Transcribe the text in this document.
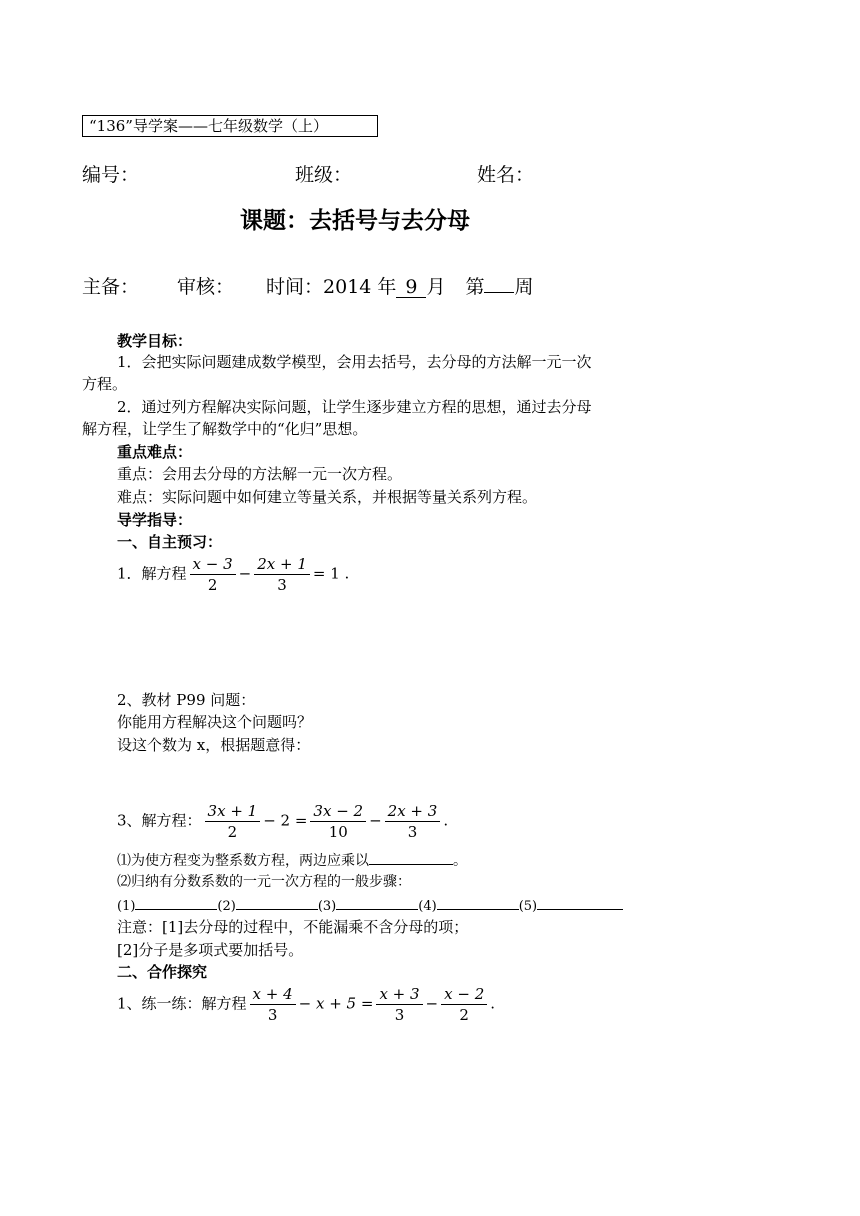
“136”导学案——七年级数学（上）
编号：	班级：	姓名：
课题：去括号与去分母
主备： 审核： 时间：2014 年 9 月 第 周
教学目标：
1．会把实际问题建成数学模型，会用去括号，去分母的方法解一元一次
方程。
2．通过列方程解决实际问题，让学生逐步建立方程的思想，通过去分母
解方程，让学生了解数学中的“化归”思想。
重点难点：
重点：会用去分母的方法解一元一次方程。
难点：实际问题中如何建立等量关系，并根据等量关系列方程。
导学指导：
一、自主预习：
1．解方程 $\frac{x - 3}{2} - \frac{2x + 1}{3} = 1$ .
2、教材 P99 问题：
你能用方程解决这个问题吗？
设这个数为 x，根据题意得：
3、解方程： $\frac{3x + 1}{2} - 2 = \frac{3x - 2}{10} - \frac{2x + 3}{3}$ .
⑴为使方程变为整系数方程，两边应乘以	。
⑵归纳有分数系数的一元一次方程的一般步骤：
(1)	(2)	(3)	(4)	(5)
注意：[1]去分母的过程中，不能漏乘不含分母的项；
[2]分子是多项式要加括号。
二、合作探究
1、练一练：解方程 $\frac{x + 4}{3} - x + 5 = \frac{x + 3}{3} - \frac{x - 2}{2}$ .
